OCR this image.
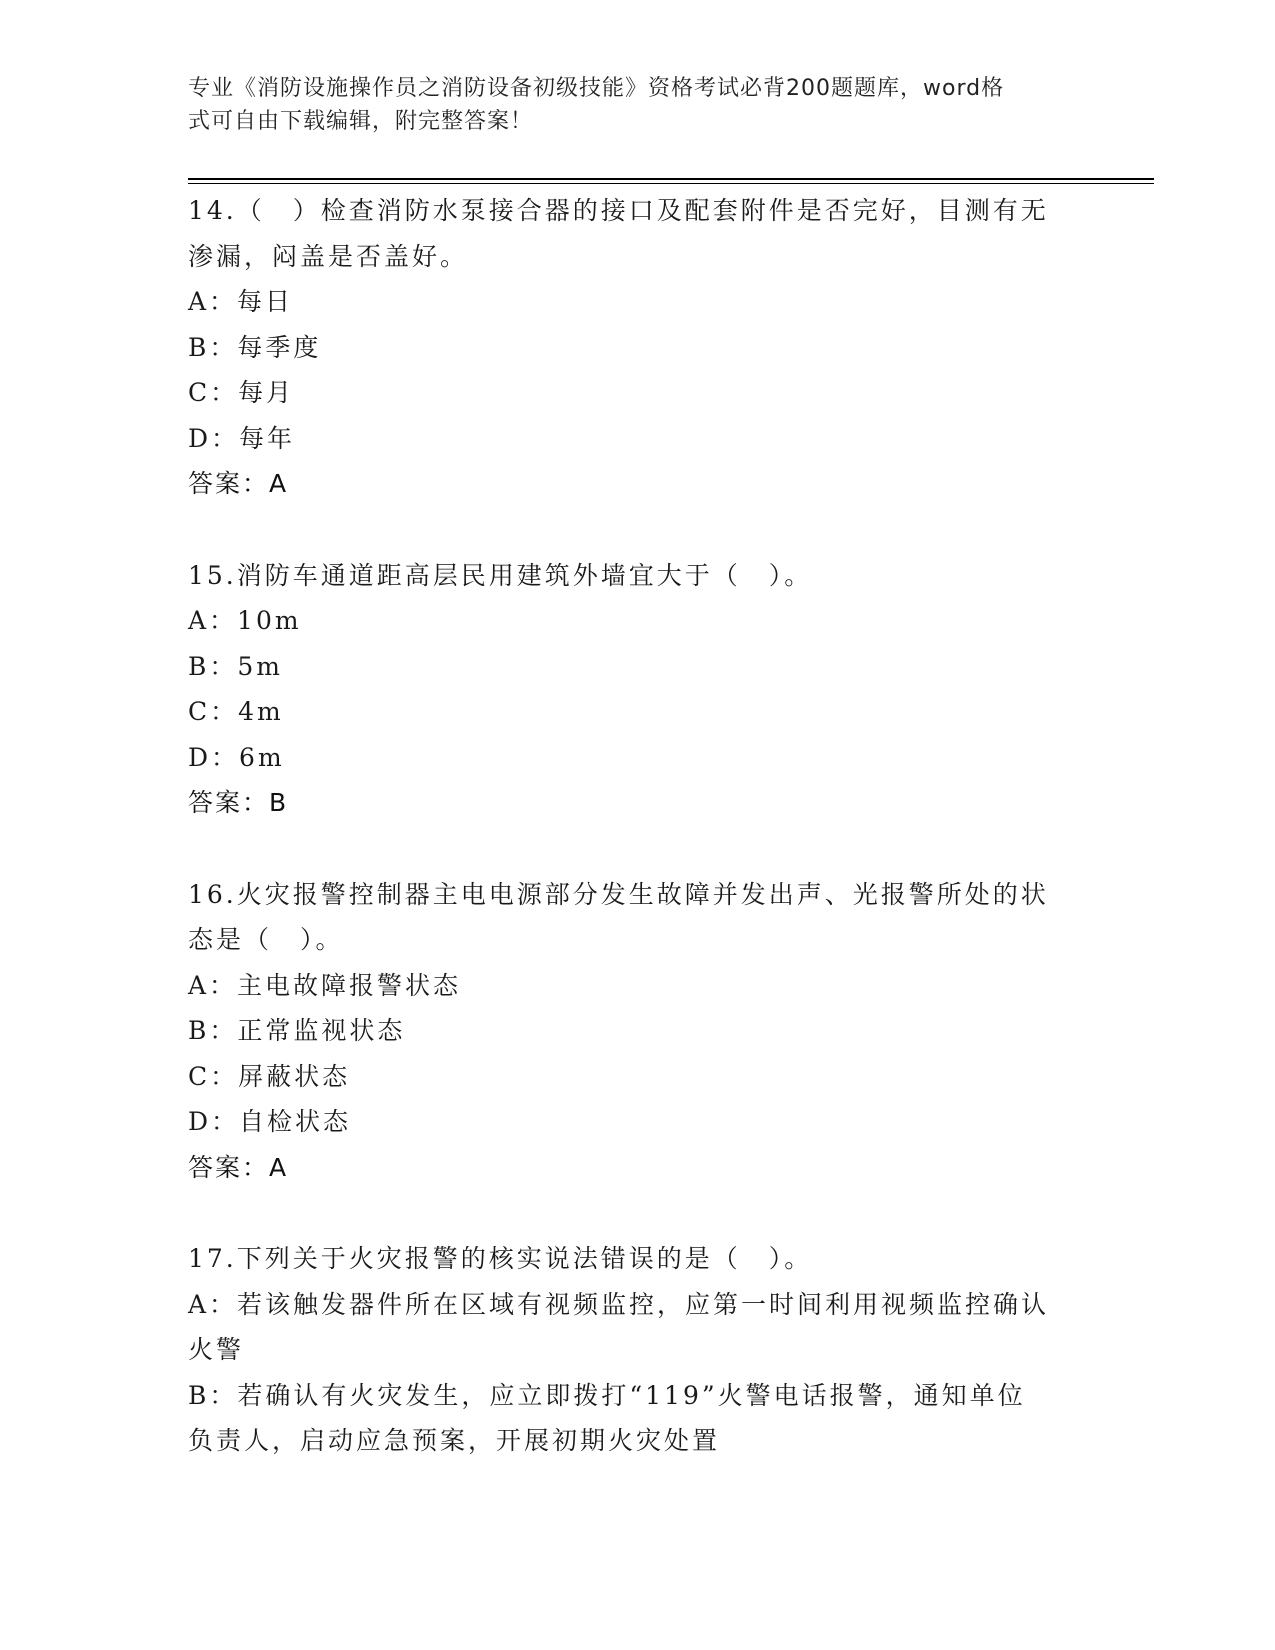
专业《消防设施操作员之消防设备初级技能》资格考试必背200题题库，word格
式可自由下载编辑，附完整答案！
14.（　）检查消防水泵接合器的接口及配套附件是否完好，目测有无
渗漏，闷盖是否盖好。
A：每日
B：每季度
C：每月
D：每年
答案：A
15.消防车通道距高层民用建筑外墙宜大于（　）。
A：10m
B：5m
C：4m
D：6m
答案：B
16.火灾报警控制器主电电源部分发生故障并发出声、光报警所处的状
态是（　）。
A：主电故障报警状态
B：正常监视状态
C：屏蔽状态
D：自检状态
答案：A
17.下列关于火灾报警的核实说法错误的是（　）。
A：若该触发器件所在区域有视频监控，应第一时间利用视频监控确认
火警
B：若确认有火灾发生，应立即拨打“119”火警电话报警，通知单位
负责人，启动应急预案，开展初期火灾处置
